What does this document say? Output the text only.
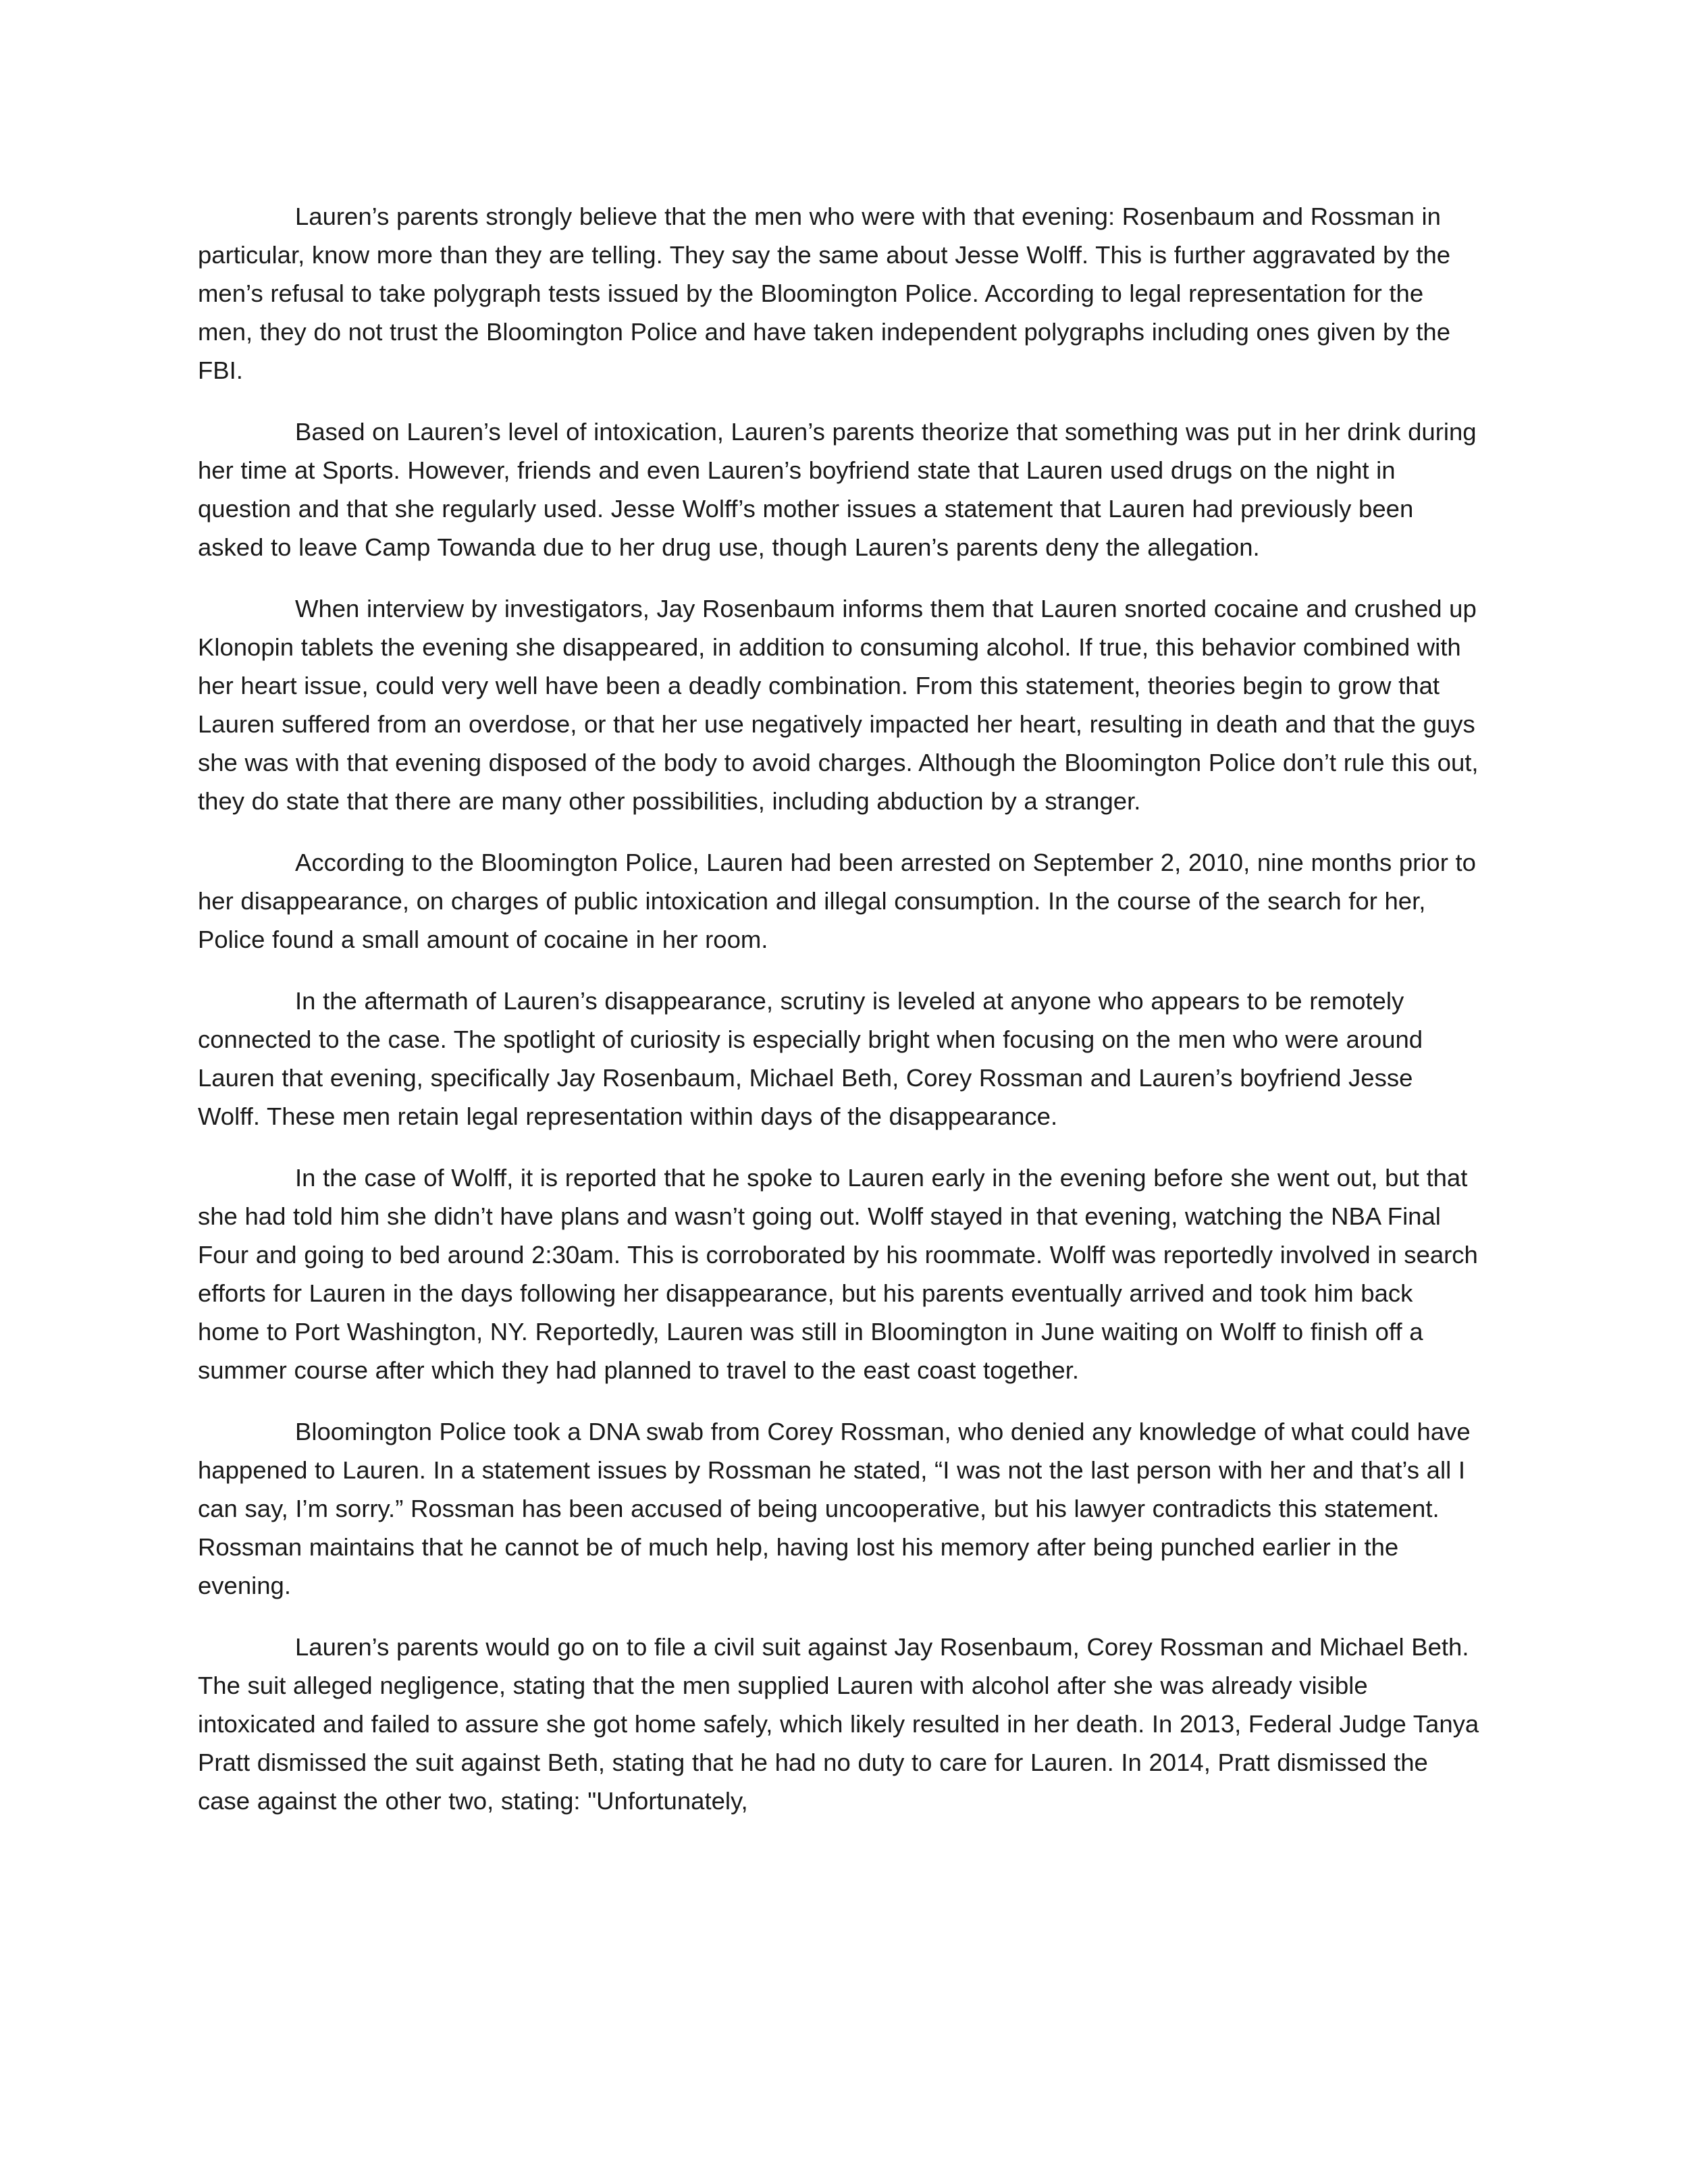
Lauren’s parents strongly believe that the men who were with that evening: Rosenbaum and Rossman in particular, know more than they are telling. They say the same about Jesse Wolff. This is further aggravated by the men’s refusal to take polygraph tests issued by the Bloomington Police. According to legal representation for the men, they do not trust the Bloomington Police and have taken independent polygraphs including ones given by the FBI.

Based on Lauren’s level of intoxication, Lauren’s parents theorize that something was put in her drink during her time at Sports. However, friends and even Lauren’s boyfriend state that Lauren used drugs on the night in question and that she regularly used. Jesse Wolff’s mother issues a statement that Lauren had previously been asked to leave Camp Towanda due to her drug use, though Lauren’s parents deny the allegation.

When interview by investigators, Jay Rosenbaum informs them that Lauren snorted cocaine and crushed up Klonopin tablets the evening she disappeared, in addition to consuming alcohol. If true, this behavior combined with her heart issue, could very well have been a deadly combination. From this statement, theories begin to grow that Lauren suffered from an overdose, or that her use negatively impacted her heart, resulting in death and that the guys she was with that evening disposed of the body to avoid charges. Although the Bloomington Police don’t rule this out, they do state that there are many other possibilities, including abduction by a stranger.

According to the Bloomington Police, Lauren had been arrested on September 2, 2010, nine months prior to her disappearance, on charges of public intoxication and illegal consumption. In the course of the search for her, Police found a small amount of cocaine in her room.

In the aftermath of Lauren’s disappearance, scrutiny is leveled at anyone who appears to be remotely connected to the case. The spotlight of curiosity is especially bright when focusing on the men who were around Lauren that evening, specifically Jay Rosenbaum, Michael Beth, Corey Rossman and Lauren’s boyfriend Jesse Wolff. These men retain legal representation within days of the disappearance.

In the case of Wolff, it is reported that he spoke to Lauren early in the evening before she went out, but that she had told him she didn’t have plans and wasn’t going out. Wolff stayed in that evening, watching the NBA Final Four and going to bed around 2:30am. This is corroborated by his roommate. Wolff was reportedly involved in search efforts for Lauren in the days following her disappearance, but his parents eventually arrived and took him back home to Port Washington, NY. Reportedly, Lauren was still in Bloomington in June waiting on Wolff to finish off a summer course after which they had planned to travel to the east coast together.

Bloomington Police took a DNA swab from Corey Rossman, who denied any knowledge of what could have happened to Lauren. In a statement issues by Rossman he stated, “I was not the last person with her and that’s all I can say, I’m sorry.” Rossman has been accused of being uncooperative, but his lawyer contradicts this statement. Rossman maintains that he cannot be of much help, having lost his memory after being punched earlier in the evening.

Lauren’s parents would go on to file a civil suit against Jay Rosenbaum, Corey Rossman and Michael Beth. The suit alleged negligence, stating that the men supplied Lauren with alcohol after she was already visible intoxicated and failed to assure she got home safely, which likely resulted in her death. In 2013, Federal Judge Tanya Pratt dismissed the suit against Beth, stating that he had no duty to care for Lauren. In 2014, Pratt dismissed the case against the other two, stating: "Unfortunately,
